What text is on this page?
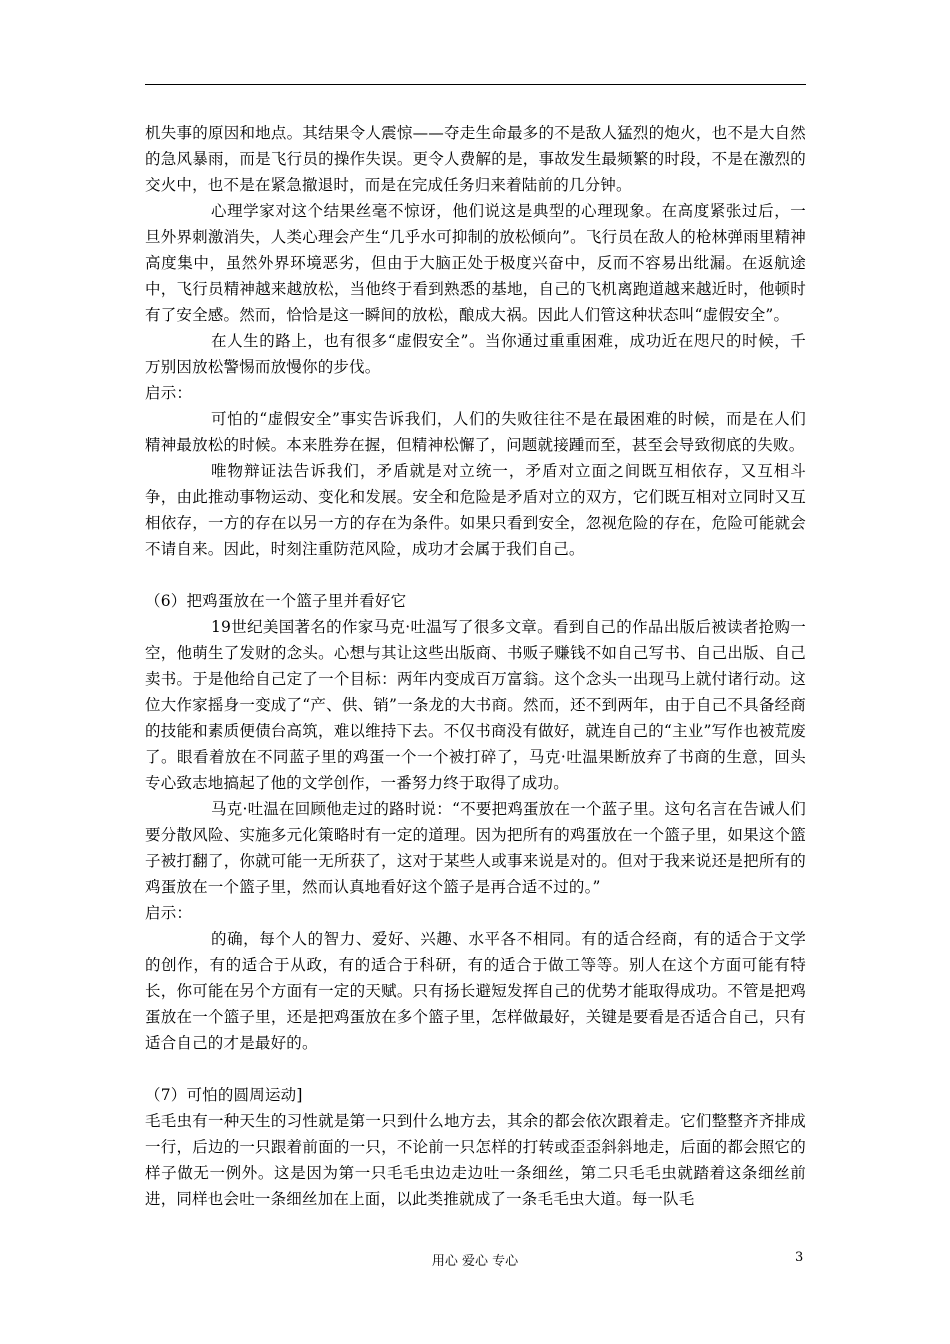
机失事的原因和地点。其结果令人震惊——夺走生命最多的不是敌人猛烈的炮火，也不是大自然的急风暴雨，而是飞行员的操作失误。更令人费解的是，事故发生最频繁的时段，不是在激烈的交火中，也不是在紧急撤退时，而是在完成任务归来着陆前的几分钟。

心理学家对这个结果丝毫不惊讶，他们说这是典型的心理现象。在高度紧张过后，一旦外界刺激消失，人类心理会产生“几乎水可抑制的放松倾向”。飞行员在敌人的枪林弹雨里精神高度集中，虽然外界环境恶劣，但由于大脑正处于极度兴奋中，反而不容易出纰漏。在返航途中，飞行员精神越来越放松，当他终于看到熟悉的基地，自己的飞机离跑道越来越近时，他顿时有了安全感。然而，恰恰是这一瞬间的放松，酿成大祸。因此人们管这种状态叫“虚假安全”。

在人生的路上，也有很多“虚假安全”。当你通过重重困难，成功近在咫尺的时候，千万别因放松警惕而放慢你的步伐。

启示：

可怕的“虚假安全”事实告诉我们，人们的失败往往不是在最困难的时候，而是在人们精神最放松的时候。本来胜券在握，但精神松懈了，问题就接踵而至，甚至会导致彻底的失败。

唯物辩证法告诉我们，矛盾就是对立统一，矛盾对立面之间既互相依存，又互相斗争，由此推动事物运动、变化和发展。安全和危险是矛盾对立的双方，它们既互相对立同时又互相依存，一方的存在以另一方的存在为条件。如果只看到安全，忽视危险的存在，危险可能就会不请自来。因此，时刻注重防范风险，成功才会属于我们自己。

（6）把鸡蛋放在一个篮子里并看好它

19世纪美国著名的作家马克·吐温写了很多文章。看到自己的作品出版后被读者抢购一空，他萌生了发财的念头。心想与其让这些出版商、书贩子赚钱不如自己写书、自己出版、自己卖书。于是他给自己定了一个目标：两年内变成百万富翁。这个念头一出现马上就付诸行动。这位大作家摇身一变成了“产、供、销”一条龙的大书商。然而，还不到两年，由于自己不具备经商的技能和素质便债台高筑，难以维持下去。不仅书商没有做好，就连自己的“主业”写作也被荒废了。眼看着放在不同蓝子里的鸡蛋一个一个被打碎了，马克·吐温果断放弃了书商的生意，回头专心致志地搞起了他的文学创作，一番努力终于取得了成功。

马克·吐温在回顾他走过的路时说：“不要把鸡蛋放在一个蓝子里。这句名言在告诫人们要分散风险、实施多元化策略时有一定的道理。因为把所有的鸡蛋放在一个篮子里，如果这个篮子被打翻了，你就可能一无所获了，这对于某些人或事来说是对的。但对于我来说还是把所有的鸡蛋放在一个篮子里，然而认真地看好这个篮子是再合适不过的。”

启示：

的确，每个人的智力、爱好、兴趣、水平各不相同。有的适合经商，有的适合于文学的创作，有的适合于从政，有的适合于科研，有的适合于做工等等。别人在这个方面可能有特长，你可能在另个方面有一定的天赋。只有扬长避短发挥自己的优势才能取得成功。不管是把鸡蛋放在一个篮子里，还是把鸡蛋放在多个篮子里，怎样做最好，关键是要看是否适合自己，只有适合自己的才是最好的。

（7）可怕的圆周运动]

毛毛虫有一种天生的习性就是第一只到什么地方去，其余的都会依次跟着走。它们整整齐齐排成一行，后边的一只跟着前面的一只，不论前一只怎样的打转或歪歪斜斜地走，后面的都会照它的样子做无一例外。这是因为第一只毛毛虫边走边吐一条细丝，第二只毛毛虫就踏着这条细丝前进，同样也会吐一条细丝加在上面，以此类推就成了一条毛毛虫大道。每一队毛

用心 爱心 专心	3
